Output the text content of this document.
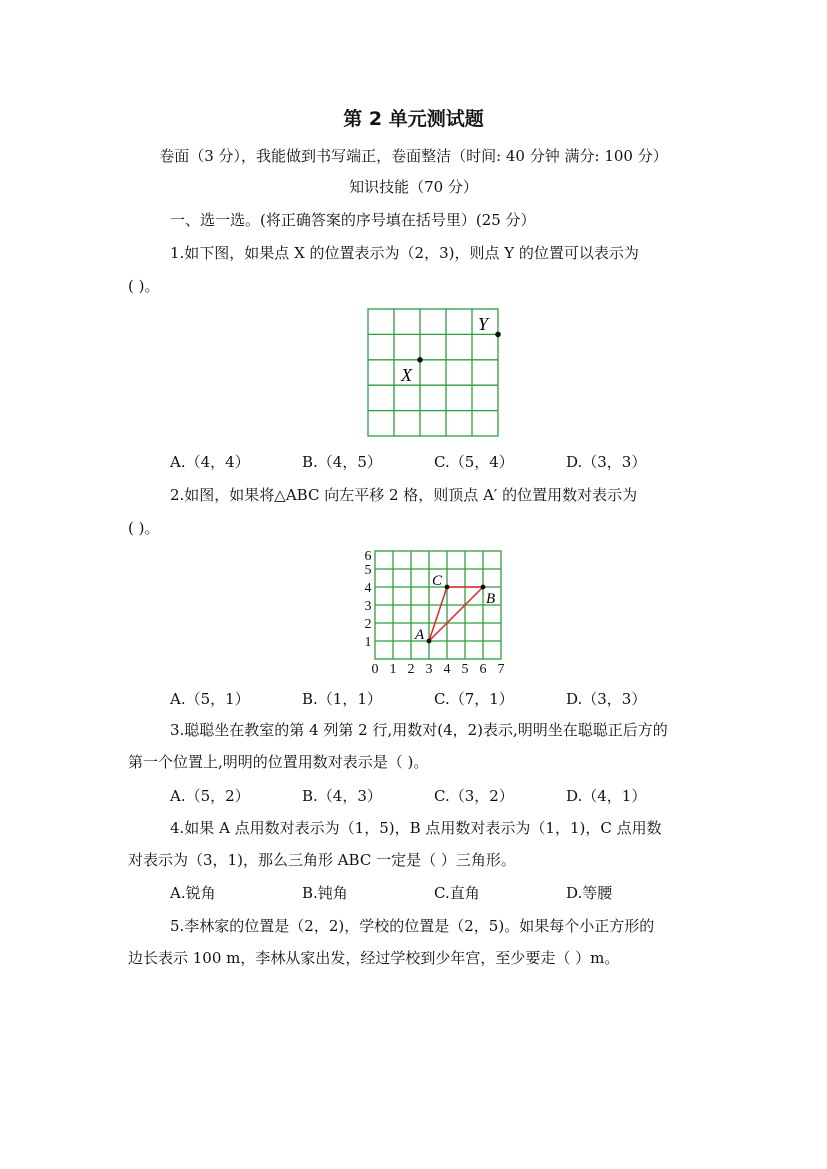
第 2 单元测试题
卷面（3 分），我能做到书写端正，卷面整洁（时间: 40 分钟 满分: 100 分）
知识技能（70 分）
一、选一选。(将正确答案的序号填在括号里）(25 分）
1.如下图，如果点 X 的位置表示为（2，3)，则点 Y 的位置可以表示为
( )。
X
Y
A.（4，4）	B.（4，5）	C.（5，4）	D.（3，3）
2.如图，如果将△ABC 向左平移 2 格，则顶点 A′ 的位置用数对表示为
( )。
1
2
3
4
5
6
0 1 2 3 4 5 6 7
A
B
C
A.（5，1）	B.（1，1）	C.（7，1）	D.（3，3）
3.聪聪坐在教室的第 4 列第 2 行,用数对(4，2)表示,明明坐在聪聪正后方的
第一个位置上,明明的位置用数对表示是（ )。
A.（5，2）	B.（4，3）	C.（3，2）	D.（4，1）
4.如果 A 点用数对表示为（1，5)，B 点用数对表示为（1，1)，C 点用数
对表示为（3，1)，那么三角形 ABC 一定是（ ）三角形。
A.锐角	B.钝角	C.直角	D.等腰
5.李林家的位置是（2，2)，学校的位置是（2，5)。如果每个小正方形的
边长表示 100 m，李林从家出发，经过学校到少年宫，至少要走（ ）m。
